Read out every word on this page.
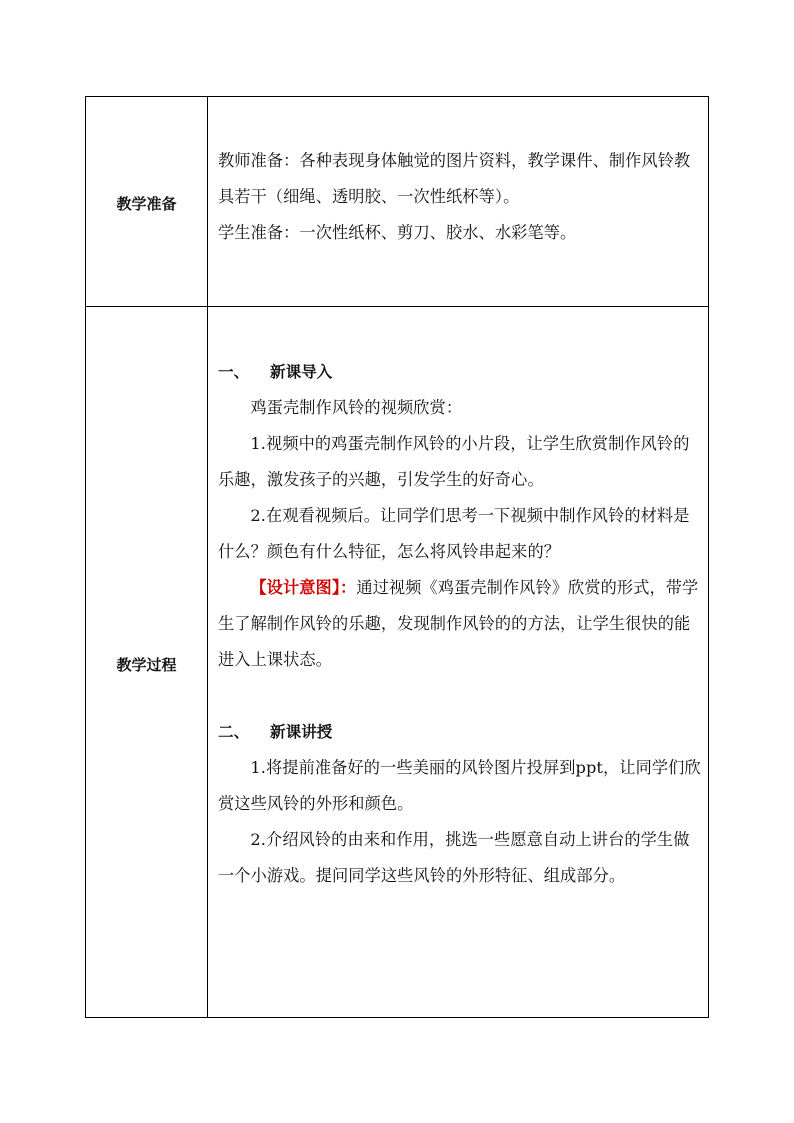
教学准备

教师准备：各种表现身体触觉的图片资料，教学课件、制作风铃教具若干（细绳、透明胶、一次性纸杯等）。

学生准备：一次性纸杯、剪刀、胶水、水彩笔等。

教学过程

一、 新课导入

鸡蛋壳制作风铃的视频欣赏：

1.视频中的鸡蛋壳制作风铃的小片段，让学生欣赏制作风铃的乐趣，激发孩子的兴趣，引发学生的好奇心。

2.在观看视频后。让同学们思考一下视频中制作风铃的材料是什么？颜色有什么特征，怎么将风铃串起来的？

【设计意图】：通过视频《鸡蛋壳制作风铃》欣赏的形式，带学生了解制作风铃的乐趣，发现制作风铃的的方法，让学生很快的能进入上课状态。

二、 新课讲授

1.将提前准备好的一些美丽的风铃图片投屏到ppt，让同学们欣赏这些风铃的外形和颜色。

2.介绍风铃的由来和作用，挑选一些愿意自动上讲台的学生做一个小游戏。提问同学这些风铃的外形特征、组成部分。
